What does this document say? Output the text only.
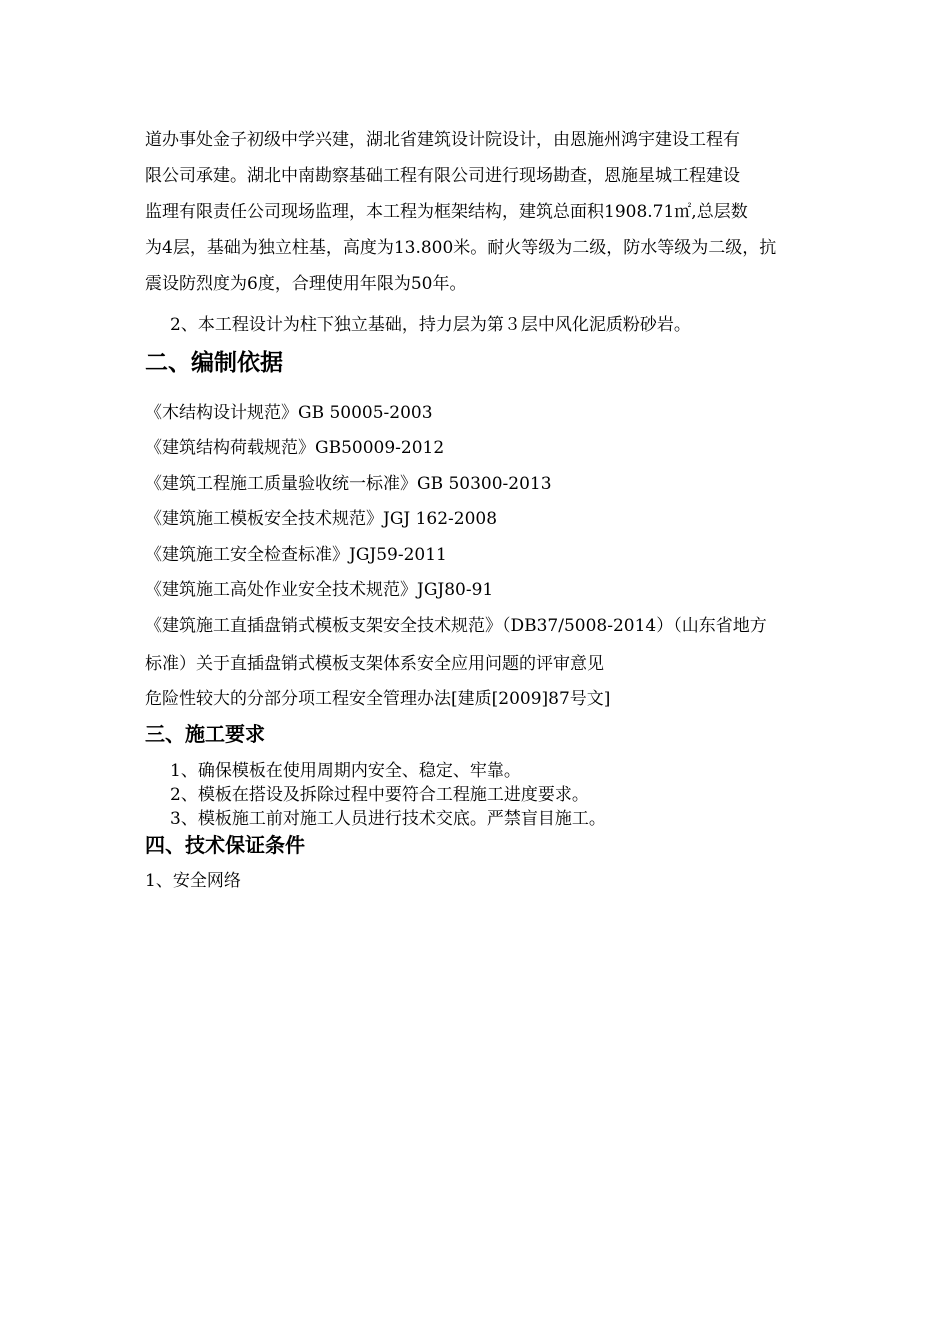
道办事处金子初级中学兴建，湖北省建筑设计院设计，由恩施州鸿宇建设工程有
限公司承建。湖北中南勘察基础工程有限公司进行现场勘查，恩施星城工程建设
监理有限责任公司现场监理，本工程为框架结构，建筑总面积1908.71㎡,总层数
为4层，基础为独立柱基，高度为13.800米。耐火等级为二级，防水等级为二级，抗
震设防烈度为6度，合理使用年限为50年。
2、本工程设计为柱下独立基础，持力层为第３层中风化泥质粉砂岩。
二、编制依据
《木结构设计规范》GB 50005-2003
《建筑结构荷载规范》GB50009-2012
《建筑工程施工质量验收统一标准》GB 50300-2013
《建筑施工模板安全技术规范》JGJ 162-2008
《建筑施工安全检查标准》JGJ59-2011
《建筑施工高处作业安全技术规范》JGJ80-91
《建筑施工直插盘销式模板支架安全技术规范》（DB37/5008-2014）（山东省地方
标准）关于直插盘销式模板支架体系安全应用问题的评审意见
危险性较大的分部分项工程安全管理办法[建质[2009]87号文]
三、施工要求
1、确保模板在使用周期内安全、稳定、牢靠。
2、模板在搭设及拆除过程中要符合工程施工进度要求。
3、模板施工前对施工人员进行技术交底。严禁盲目施工。
四、技术保证条件
1、安全网络
